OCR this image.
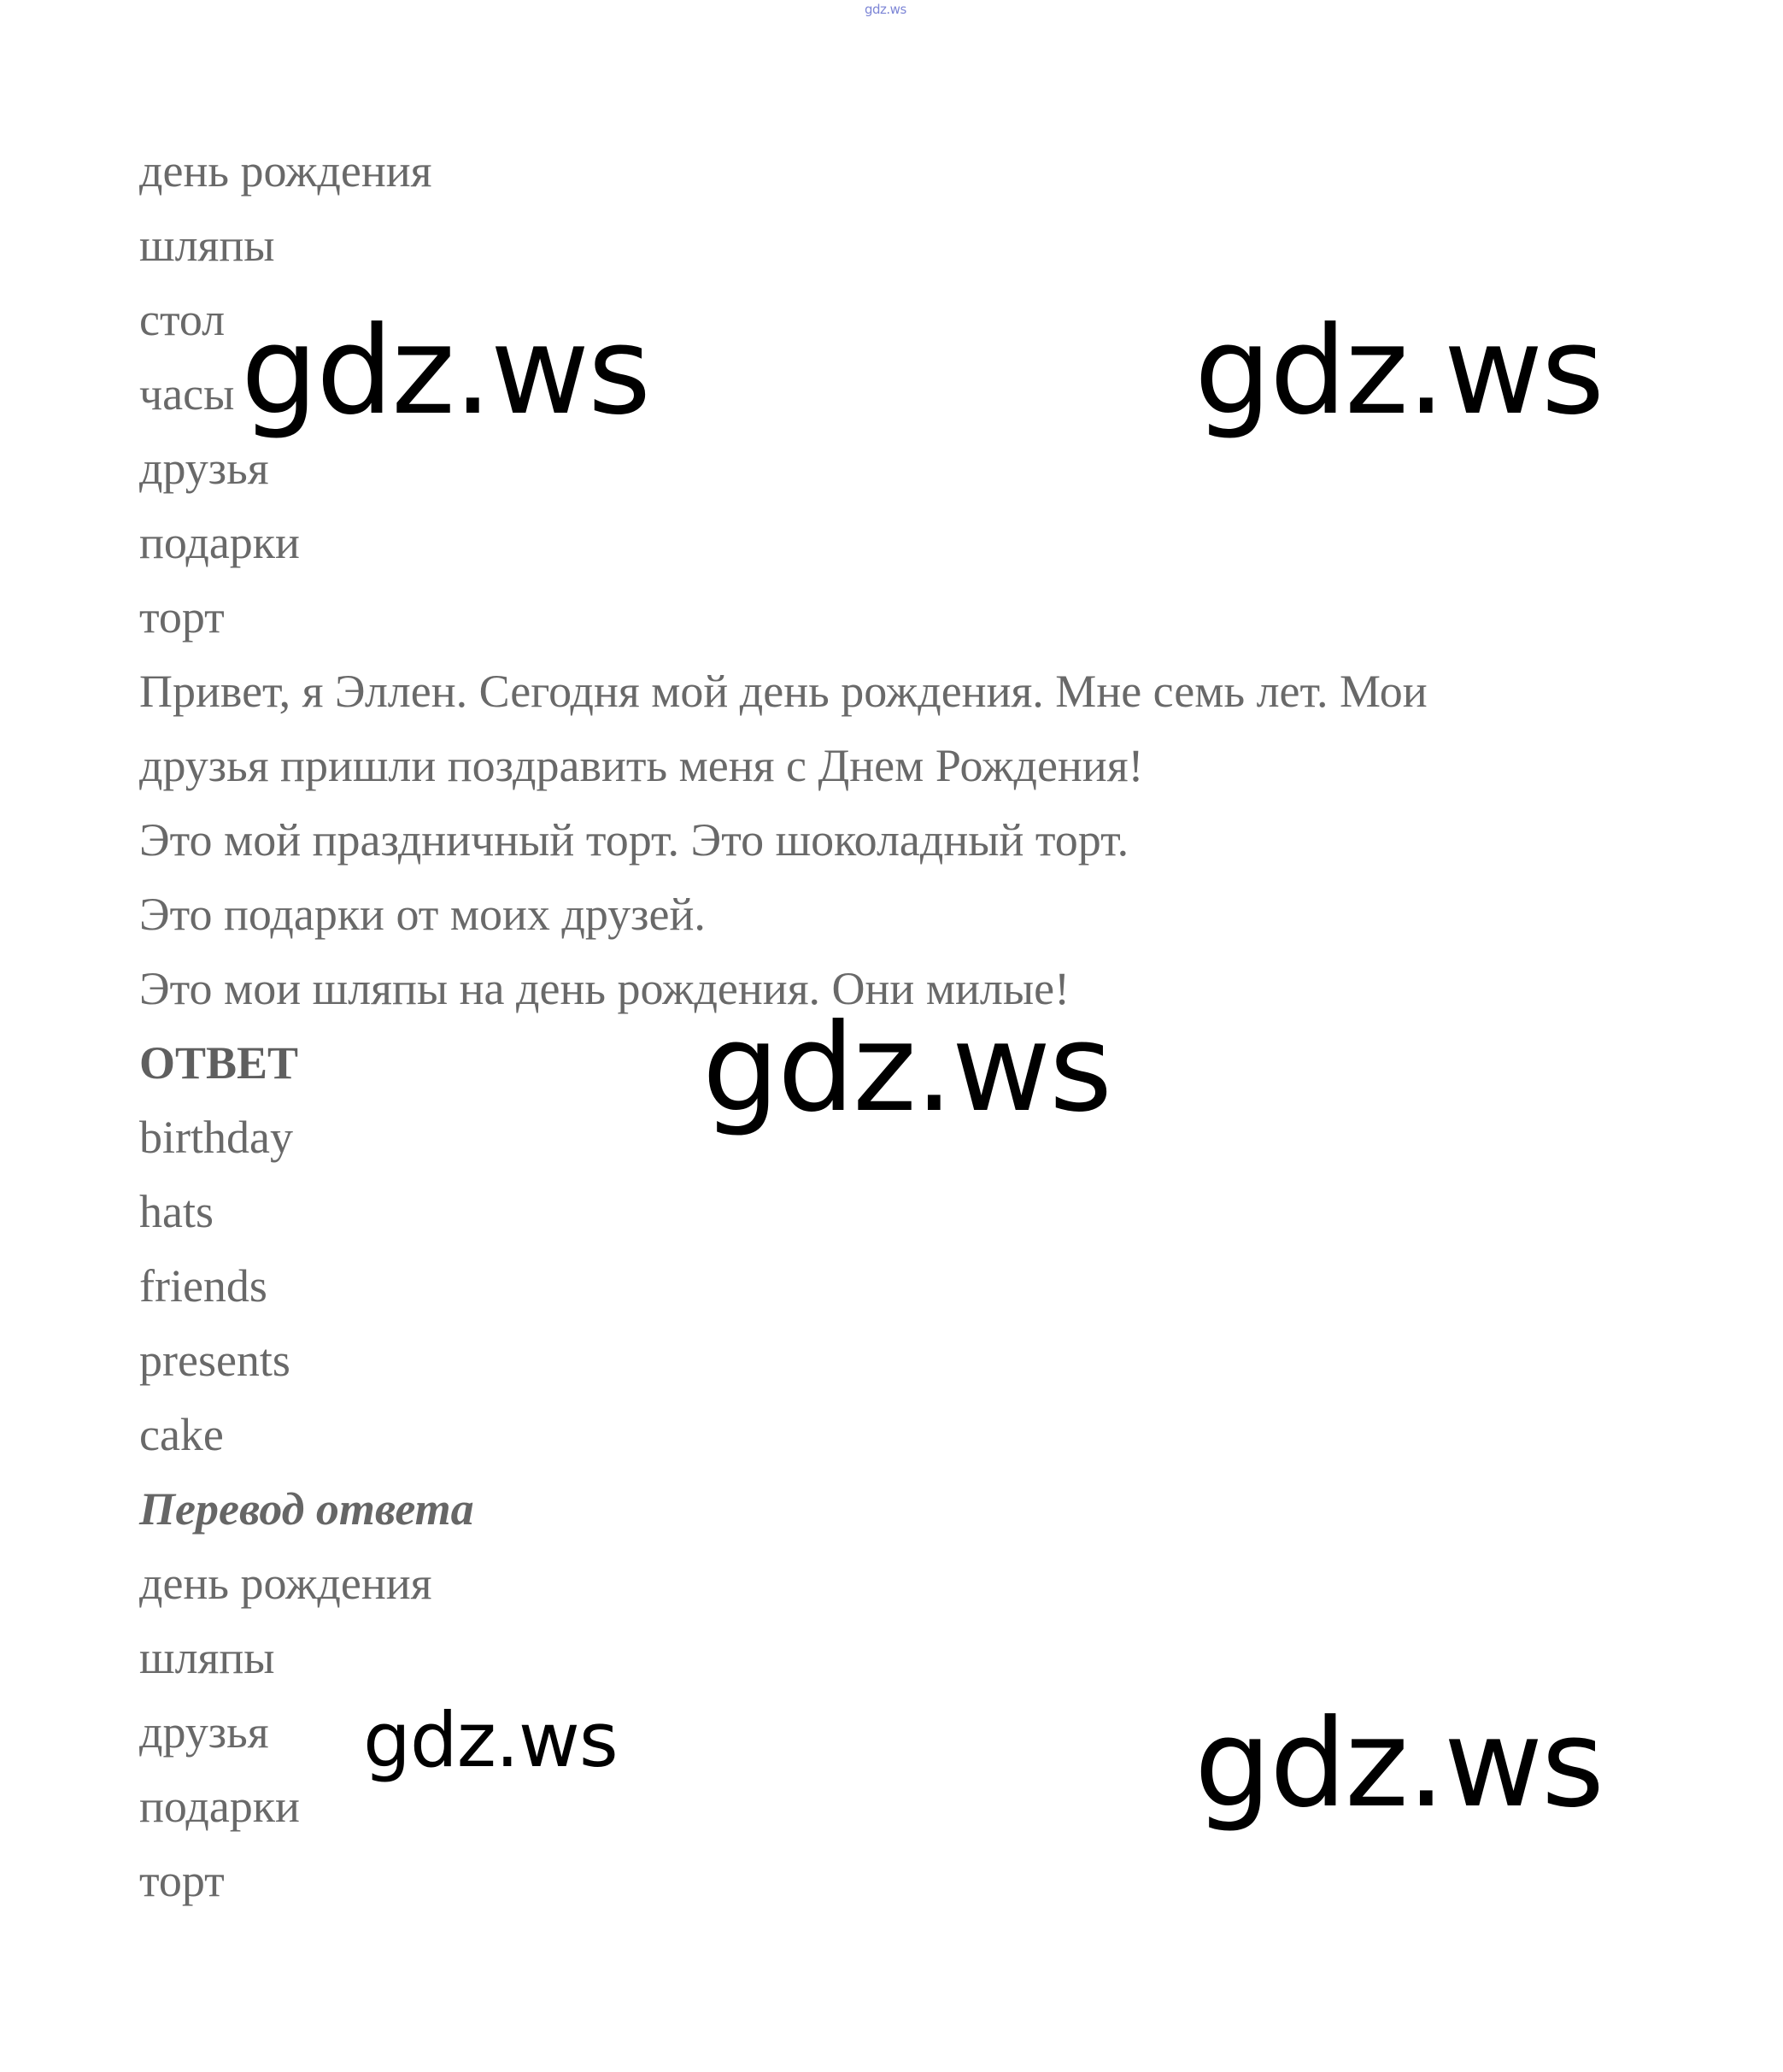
gdz.ws
день рождения
шляпы
стол
часы
друзья
подарки
торт
Привет, я Эллен. Сегодня мой день рождения. Мне семь лет. Мои
друзья пришли поздравить меня с Днем Рождения!
Это мой праздничный торт. Это шоколадный торт.
Это подарки от моих друзей.
Это мои шляпы на день рождения. Они милые!
ОТВЕТ
birthday
hats
friends
presents
cake
Перевод ответа
день рождения
шляпы
друзья
подарки
торт
gdz.ws	gdz.ws
gdz.ws
gdz.ws	gdz.ws
